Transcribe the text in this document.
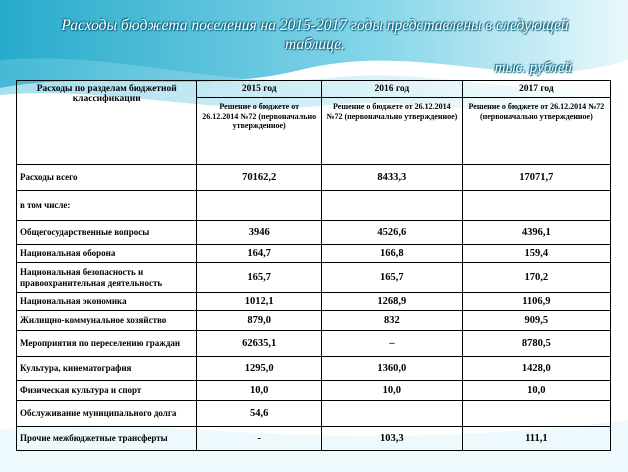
Расходы бюджета поселения на 2015-2017 годы представлены в следующей таблице.
тыс. рублей
Расходы по разделам бюджетной классификации	2015 год	2016 год	2017 год
	Решение о бюджете от 26.12.2014 №72 (первоначально утвержденное)	Решение о бюджете от 26.12.2014 №72 (первоначально утвержденное)	Решение о бюджете от 26.12.2014 №72 (первоначально утвержденное)
Расходы всего	70162,2	8433,3	17071,7
в том числе:			
Общегосударственные вопросы	3946	4526,6	4396,1
Национальная оборона	164,7	166,8	159,4
Национальная безопасность и правоохранительная деятельность	165,7	165,7	170,2
Национальная экономика	1012,1	1268,9	1106,9
Жилищно-коммунальное хозяйство	879,0	832	909,5
Мероприятия по переселению граждан	62635,1	–	8780,5
Культура, кинематография	1295,0	1360,0	1428,0
Физическая культура и спорт	10,0	10,0	10,0
Обслуживание муниципального долга	54,6		
Прочие межбюджетные трансферты	-	103,3	111,1
